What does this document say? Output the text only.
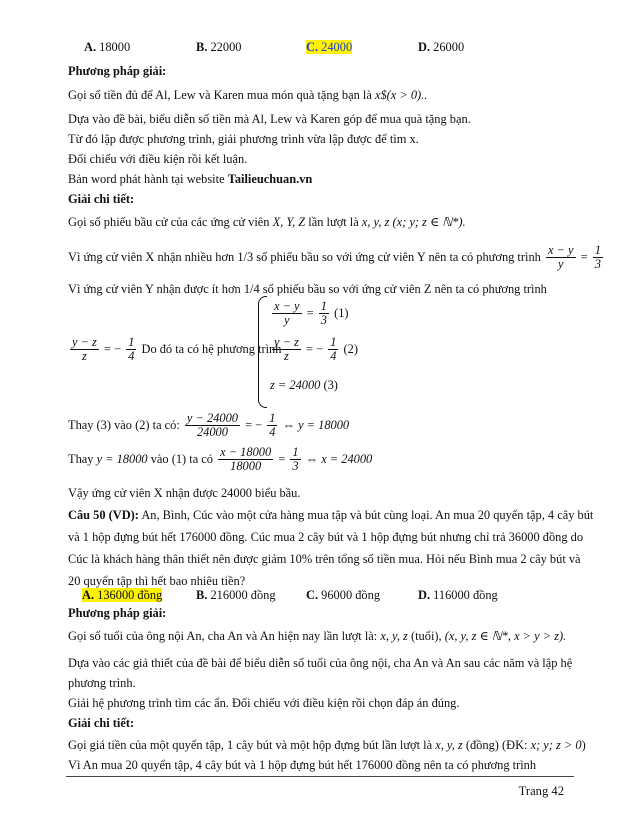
A. 18000	B. 22000	C. 24000	D. 26000
Phương pháp giải:
Gọi số tiền đủ để Al, Lew và Karen mua món quà tặng bạn là x$(x > 0)..
Dựa vào đề bài, biểu diễn số tiền mà Al, Lew và Karen góp để mua quà tặng bạn.
Từ đó lập được phương trình, giải phương trình vừa lập được để tìm x.
Đối chiếu với điều kiện rồi kết luận.
Bản word phát hành tại website Tailieuchuan.vn
Giải chi tiết:
Gọi số phiếu bầu cử của các ứng cử viên X, Y, Z lần lượt là x, y, z (x; y; z ∈ ℕ*).
Vì ứng cử viên X nhận nhiều hơn 1/3 số phiếu bầu so với ứng cử viên Y nên ta có phương trình $\frac{x - y}{y} = \frac{1}{3}$
Vì ứng cử viên Y nhận được ít hơn 1/4 số phiếu bầu so với ứng cử viên Z nên ta có phương trình
$\frac{x - y}{y} = \frac{1}{3} (1)$
$\frac{y - z}{z}$ = − $\frac{1}{4} (2)$
z = 24000 (3)
$\frac{y - z}{z}$ = − $\frac{1}{4}$ Do đó ta có hệ phương trình
Thay (3) vào (2) ta có: $\frac{y - 24000}{24000}$ = − $\frac{1}{4}$ ⇔ y = 18000
Thay y = 18000 vào (1) ta có $\frac{x - 18000}{18000} = \frac{1}{3}$ ⇔ x = 24000
Vậy ứng cử viên X nhận được 24000 biểu bầu.
Câu 50 (VD): An, Bình, Cúc vào một cửa hàng mua tập và bút cùng loại. An mua 20 quyển tập, 4 cây bút
và 1 hộp đựng bút hết 176000 đồng. Cúc mua 2 cây bút và 1 hộp đựng bút nhưng chỉ trả 36000 đồng do
Cúc là khách hàng thân thiết nên được giảm 10% trên tổng số tiền mua. Hỏi nếu Bình mua 2 cây bút và
20 quyển tập thì hết bao nhiêu tiền?
A. 136000 đồng	B. 216000 đồng C. 96000 đồng	D. 116000 đồng
Phương pháp giải:
Gọi số tuổi của ông nội An, cha An và An hiện nay lần lượt là: x, y, z (tuổi), (x, y, z ∈ ℕ*, x > y > z).
Dựa vào các giả thiết của đề bài để biểu diễn số tuổi của ông nội, cha An và An sau các năm và lập hệ
phương trình.
Giải hệ phương trình tìm các ẩn. Đối chiếu với điều kiện rồi chọn đáp án đúng.
Giải chi tiết:
Gọi giá tiền của một quyển tập, 1 cây bút và một hộp đựng bút lần lượt là x, y, z (đồng) (ĐK: x; y; z > 0)
Vì An mua 20 quyển tập, 4 cây bút và 1 hộp đựng bút hết 176000 đồng nên ta có phương trình
Trang 42
